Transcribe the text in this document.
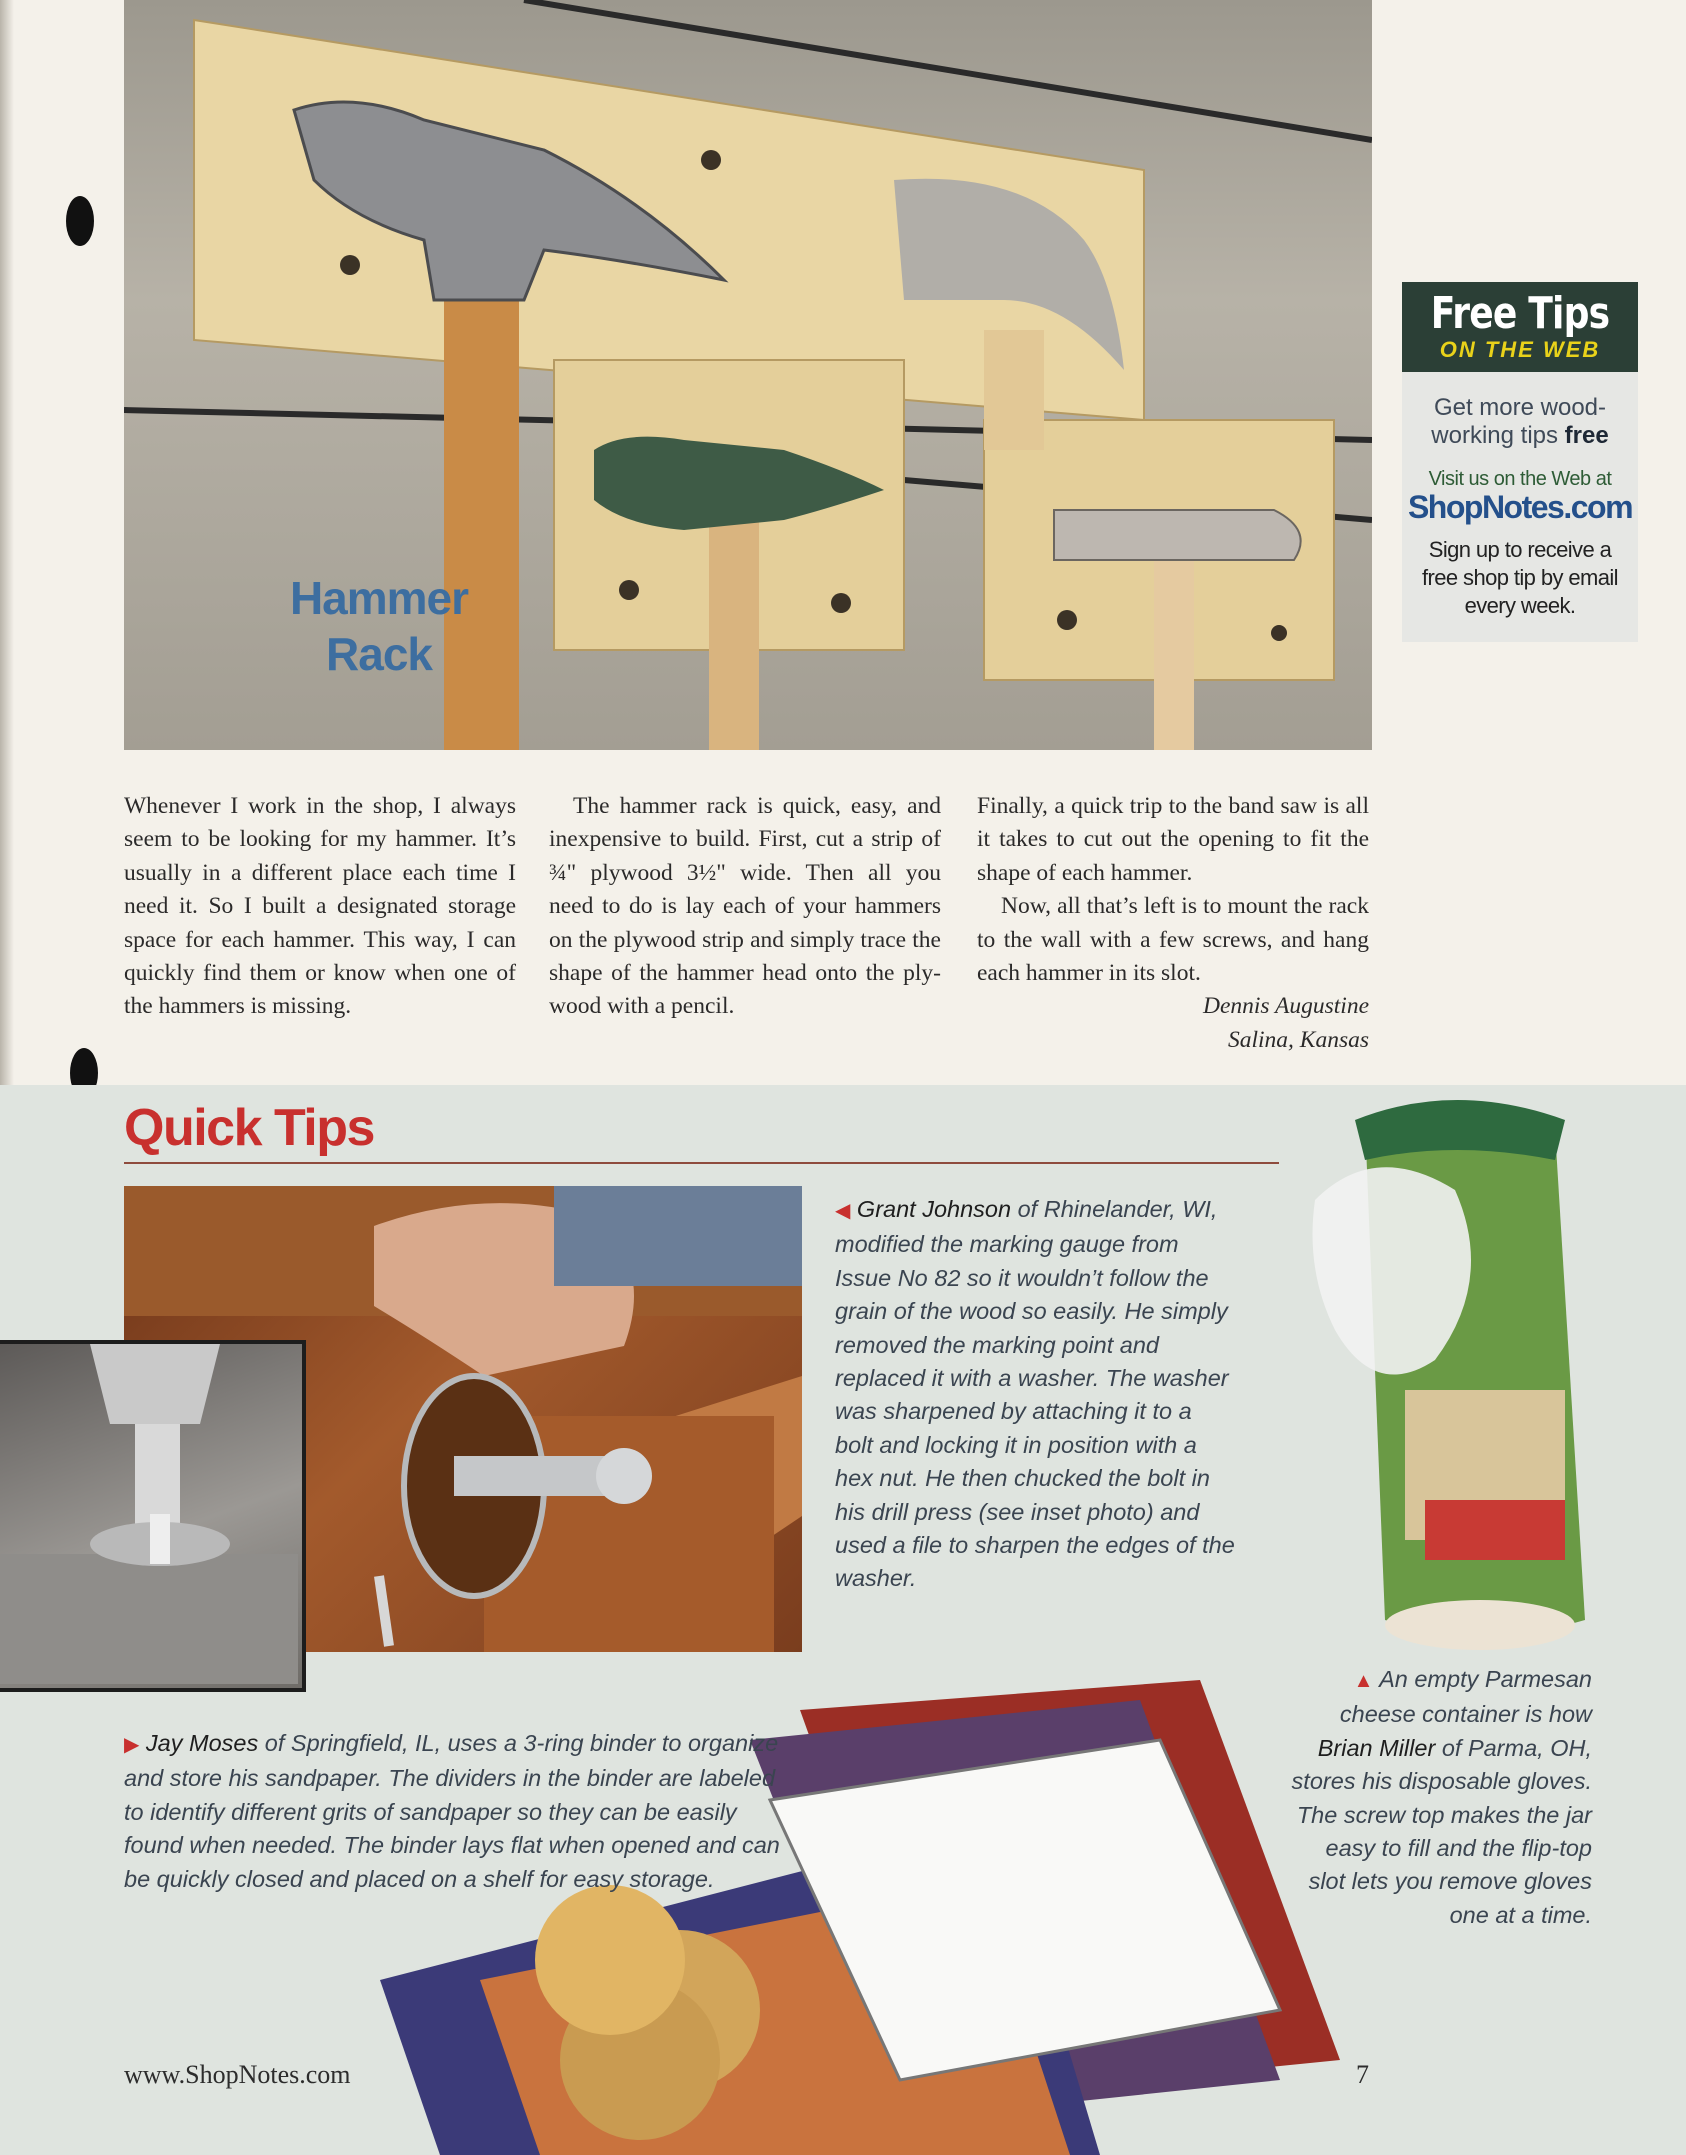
Hammer
Rack
Free Tips
ON THE WEB
Get more wood-working tips free
Visit us on the Web at
ShopNotes.com
Sign up to receive a free shop tip by email every week.

Whenever I work in the shop, I always seem to be looking for my hammer. It’s usually in a different place each time I need it. So I built a designated storage space for each hammer. This way, I can quickly find them or know when one of the hammers is missing.

The hammer rack is quick, easy, and inexpensive to build. First, cut a strip of ¾" plywood 3½" wide. Then all you need to do is lay each of your hammers on the plywood strip and simply trace the shape of the hammer head onto the ply-wood with a pencil.

Finally, a quick trip to the band saw is all it takes to cut out the opening to fit the shape of each hammer.

Now, all that’s left is to mount the rack to the wall with a few screws, and hang each hammer in its slot.

Dennis Augustine
Salina, Kansas
Quick Tips
◀ Grant Johnson of Rhinelander, WI, modified the marking gauge from Issue No 82 so it wouldn’t follow the grain of the wood so easily. He simply removed the marking point and replaced it with a washer. The washer was sharpened by attaching it to a bolt and locking it in position with a hex nut. He then chucked the bolt in his drill press (see inset photo) and used a file to sharpen the edges of the washer.
▲ An empty Parmesan cheese container is how Brian Miller of Parma, OH, stores his disposable gloves. The screw top makes the jar easy to fill and the flip-top slot lets you remove gloves one at a time.
▶ Jay Moses of Springfield, IL, uses a 3-ring binder to organize and store his sandpaper. The dividers in the binder are labeled to identify different grits of sandpaper so they can be easily found when needed. The binder lays flat when opened and can be quickly closed and placed on a shelf for easy storage.
www.ShopNotes.com	7
